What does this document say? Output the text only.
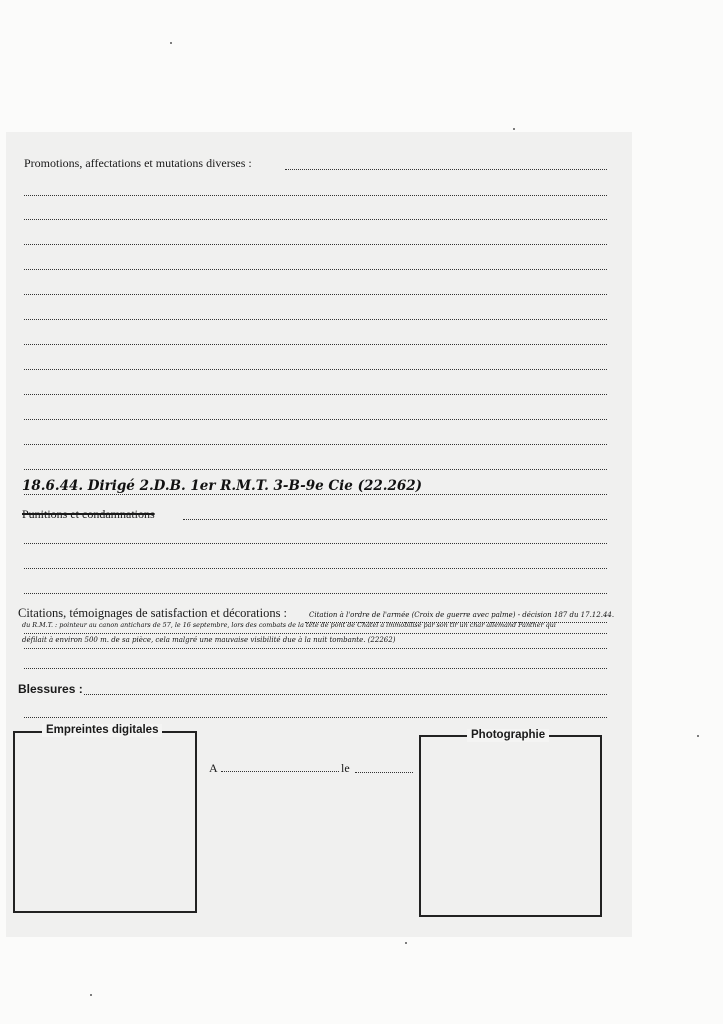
Promotions, affectations et mutations diverses :
18.6.44. Dirigé 2.D.B. 1er R.M.T. 3-B-9e Cie (22.262)
Punitions et condamnations
Citations, témoignages de satisfaction et décorations :	Citation à l'ordre de l'armée (Croix de guerre avec palme) - décision 187 du 17.12.44.
du R.M.T. : pointeur au canon antichars de 57, le 16 septembre, lors des combats de la tête de pont de Châtel a immobilisé par son tir un char allemand Panther qui
défilait à environ 500 m. de sa pièce, cela malgré une mauvaise visibilité due à la nuit tombante. (22262)
Blessures :
Empreintes digitales
A	le
Photographie
